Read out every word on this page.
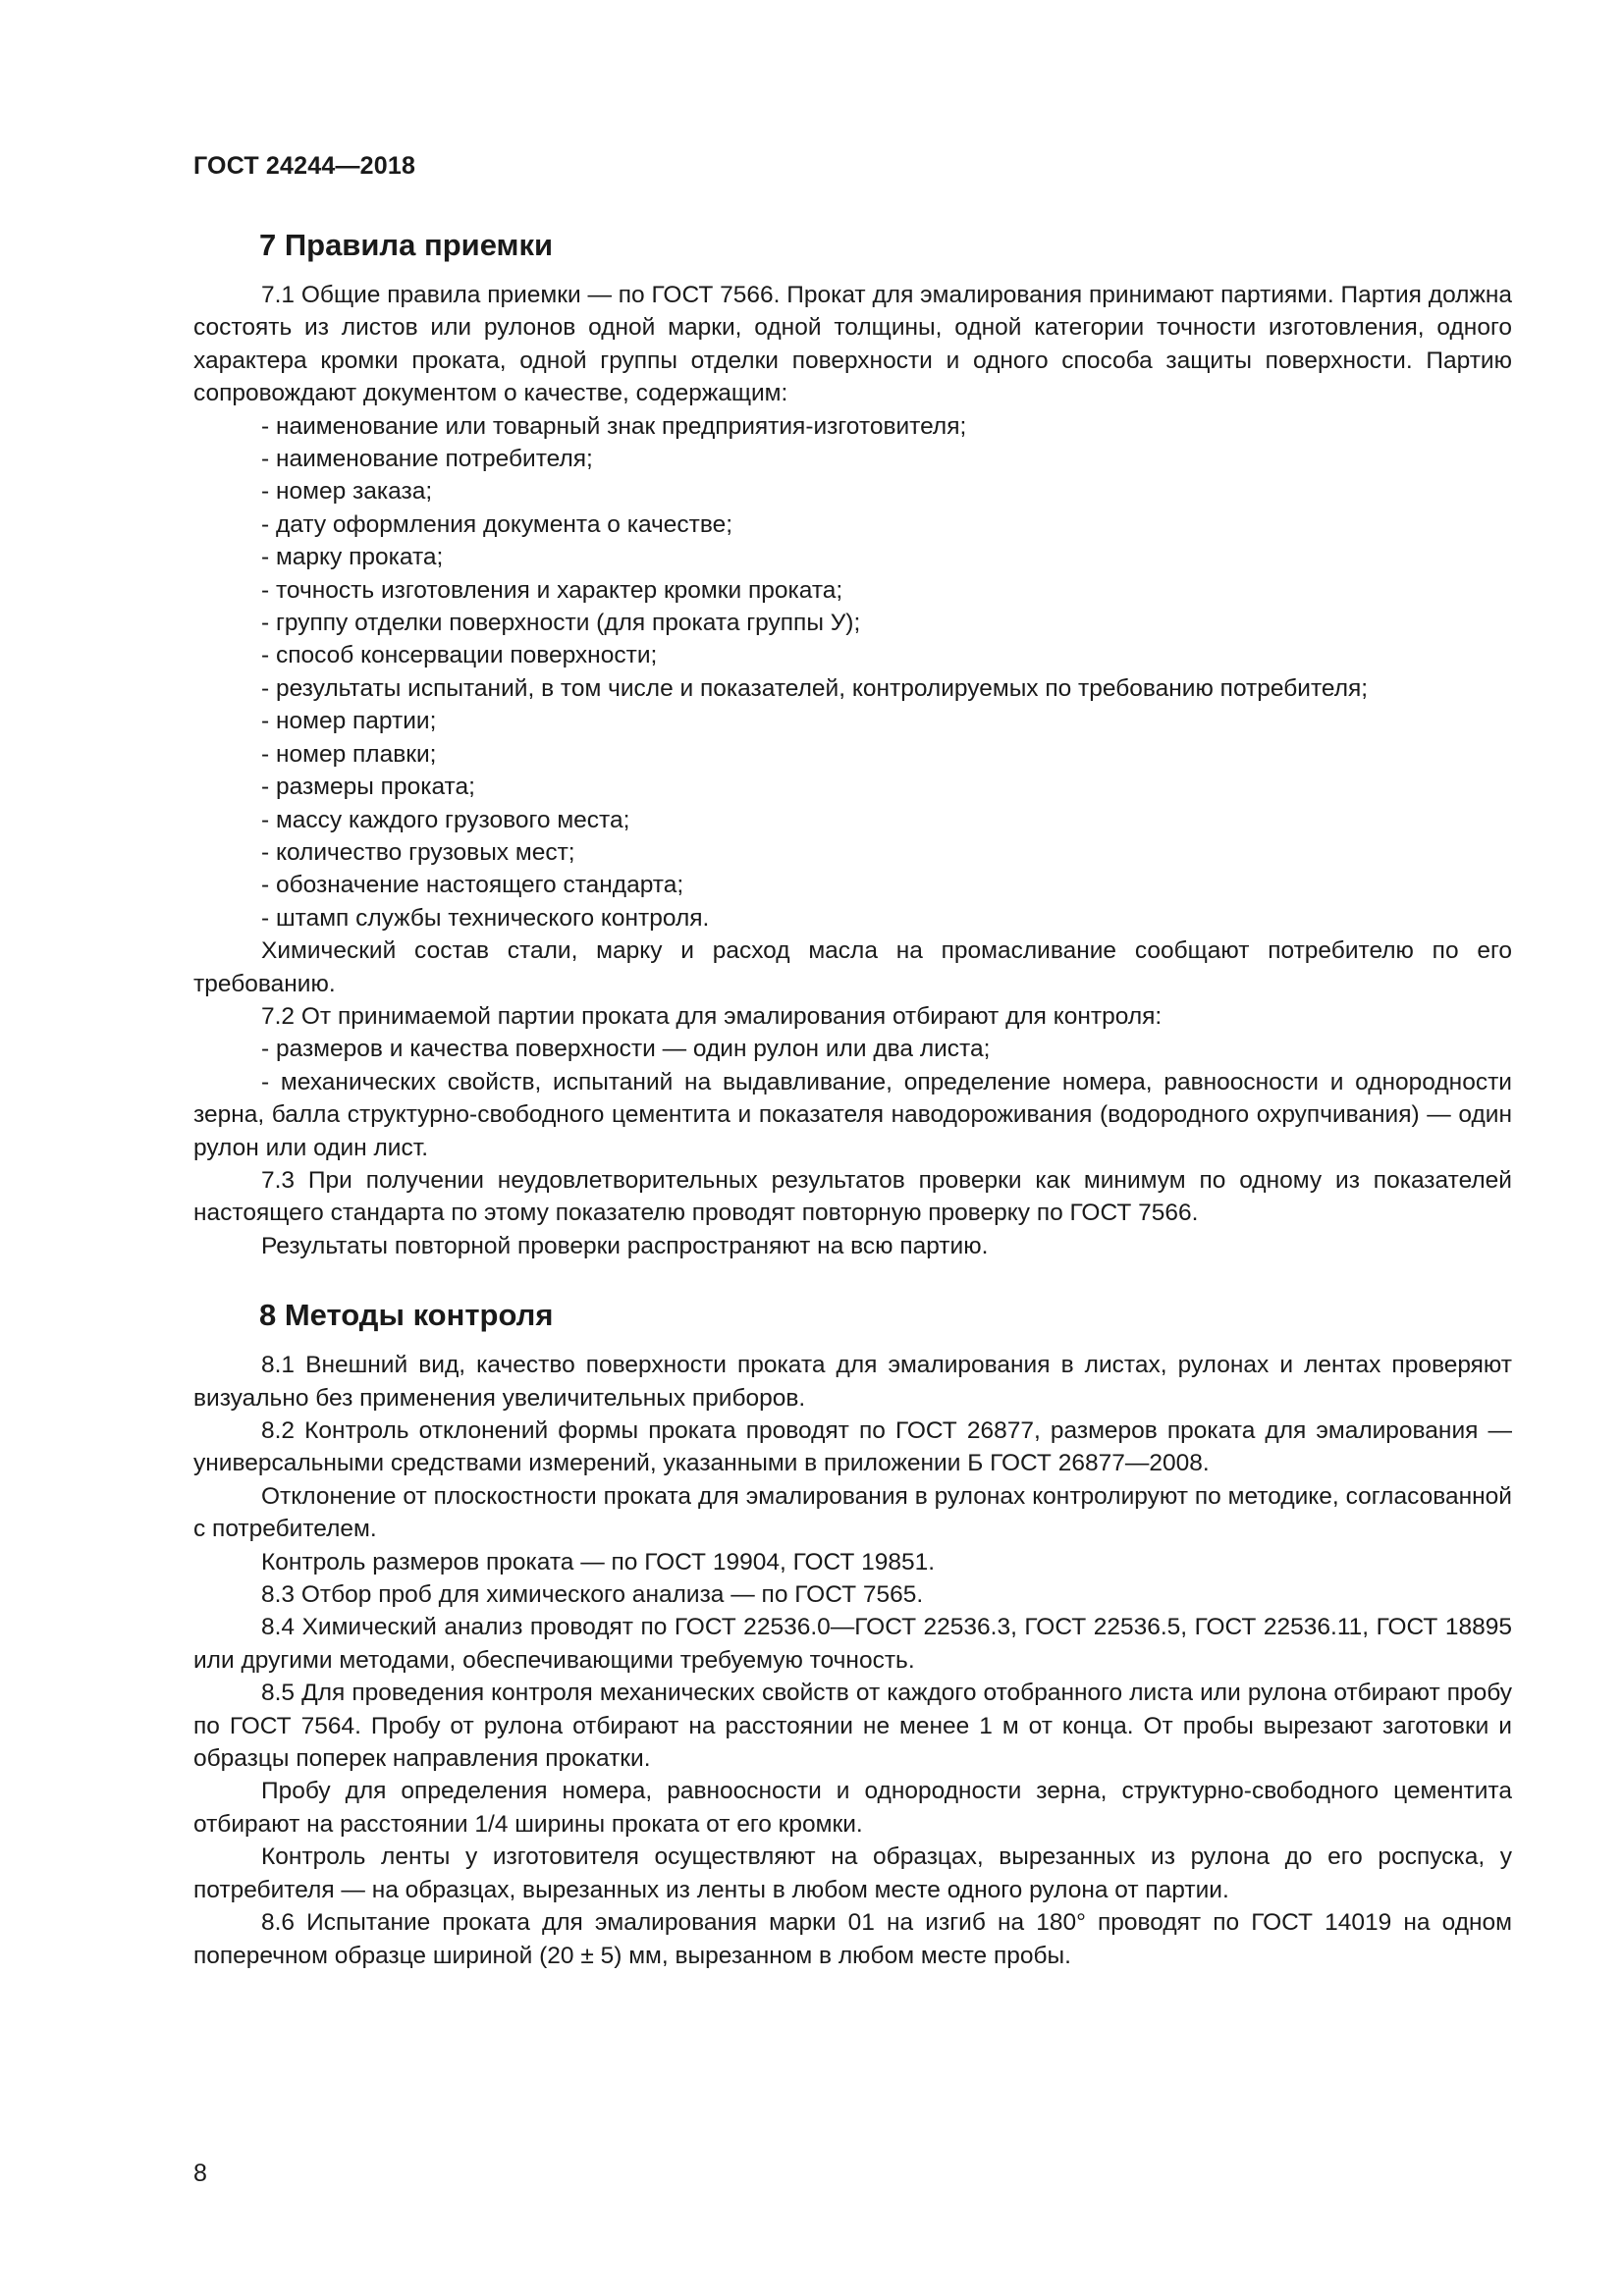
ГОСТ 24244—2018
7 Правила приемки

7.1 Общие правила приемки — по ГОСТ 7566. Прокат для эмалирования принимают партиями. Партия должна состоять из листов или рулонов одной марки, одной толщины, одной категории точности изготовления, одного характера кромки проката, одной группы отделки поверхности и одного способа защиты поверхности. Партию сопровождают документом о качестве, содержащим:

- наименование или товарный знак предприятия-изготовителя;
- наименование потребителя;
- номер заказа;
- дату оформления документа о качестве;
- марку проката;
- точность изготовления и характер кромки проката;
- группу отделки поверхности (для проката группы У);
- способ консервации поверхности;
- результаты испытаний, в том числе и показателей, контролируемых по требованию потребителя;
- номер партии;
- номер плавки;
- размеры проката;
- массу каждого грузового места;
- количество грузовых мест;
- обозначение настоящего стандарта;
- штамп службы технического контроля.

Химический состав стали, марку и расход масла на промасливание сообщают потребителю по его требованию.

7.2 От принимаемой партии проката для эмалирования отбирают для контроля:

- размеров и качества поверхности — один рулон или два листа;
- механических свойств, испытаний на выдавливание, определение номера, равноосности и однородности зерна, балла структурно-свободного цементита и показателя наводороживания (водородного охрупчивания) — один рулон или один лист.

7.3 При получении неудовлетворительных результатов проверки как минимум по одному из показателей настоящего стандарта по этому показателю проводят повторную проверку по ГОСТ 7566.

Результаты повторной проверки распространяют на всю партию.

8 Методы контроля

8.1 Внешний вид, качество поверхности проката для эмалирования в листах, рулонах и лентах проверяют визуально без применения увеличительных приборов.

8.2 Контроль отклонений формы проката проводят по ГОСТ 26877, размеров проката для эмалирования — универсальными средствами измерений, указанными в приложении Б ГОСТ 26877—2008.

Отклонение от плоскостности проката для эмалирования в рулонах контролируют по методике, согласованной с потребителем.

Контроль размеров проката — по ГОСТ 19904, ГОСТ 19851.

8.3 Отбор проб для химического анализа — по ГОСТ 7565.

8.4 Химический анализ проводят по ГОСТ 22536.0—ГОСТ 22536.3, ГОСТ 22536.5, ГОСТ 22536.11, ГОСТ 18895 или другими методами, обеспечивающими требуемую точность.

8.5 Для проведения контроля механических свойств от каждого отобранного листа или рулона отбирают пробу по ГОСТ 7564. Пробу от рулона отбирают на расстоянии не менее 1 м от конца. От пробы вырезают заготовки и образцы поперек направления прокатки.

Пробу для определения номера, равноосности и однородности зерна, структурно-свободного цементита отбирают на расстоянии 1/4 ширины проката от его кромки.

Контроль ленты у изготовителя осуществляют на образцах, вырезанных из рулона до его роспуска, у потребителя — на образцах, вырезанных из ленты в любом месте одного рулона от партии.

8.6 Испытание проката для эмалирования марки 01 на изгиб на 180° проводят по ГОСТ 14019 на одном поперечном образце шириной (20 ± 5) мм, вырезанном в любом месте пробы.

8
